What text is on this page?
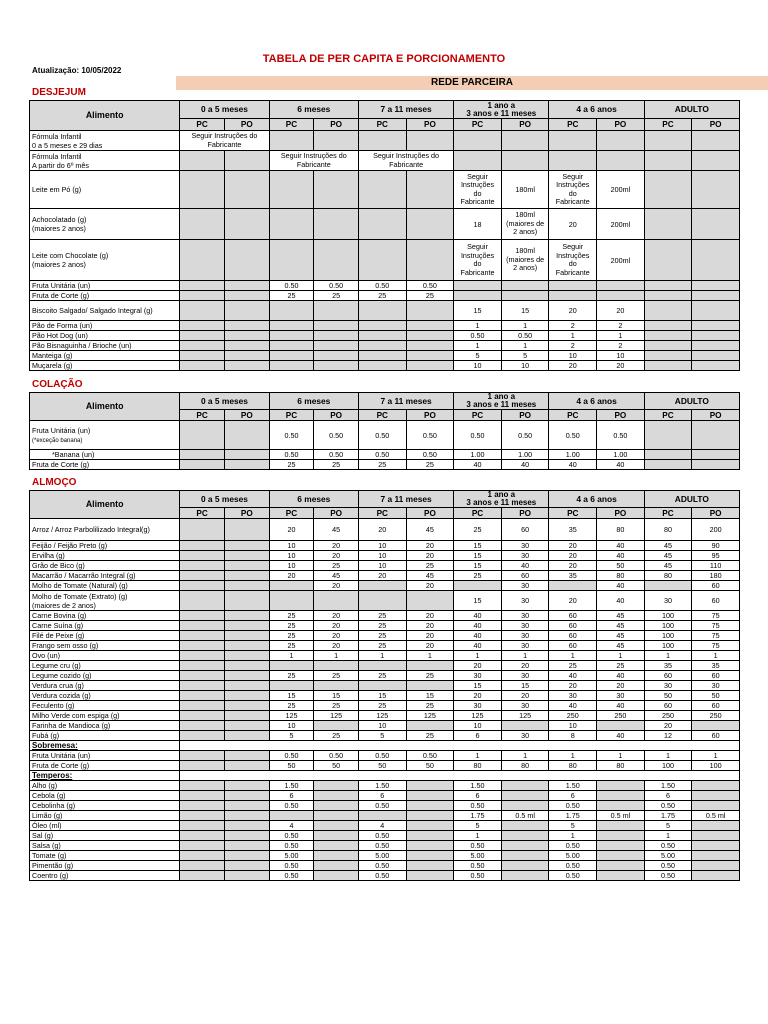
TABELA DE PER CAPITA E PORCIONAMENTO
Atualização: 10/05/2022
REDE PARCEIRA
DESJEJUM
Alimento	0 a 5 meses		6 meses		7 a 11 meses		1 ano a
3 anos e 11 meses		4 a 6 anos		ADULTO	
	PC	PO	PC	PO	PC	PO	PC	PO	PC	PO	PC	PO
Fórmula Infantil
0 a 5 meses e 29 dias	Seguir Instruções do Fabricante											
Fórmula Infantil
A partir do 6º mês			Seguir Instruções do Fabricante		Seguir Instruções do Fabricante							
Leite em Pó (g)							Seguir Instruções do Fabricante	180ml	Seguir Instruções do Fabricante	200ml		
Achocolatado (g)
(maiores 2 anos)							18	180ml (maiores de 2 anos)	20	200ml		
Leite com Chocolate (g)
(maiores 2 anos)							Seguir Instruções do Fabricante	180ml (maiores de 2 anos)	Seguir Instruções do Fabricante	200ml		
Fruta Unitária (un)			0.50	0.50	0.50	0.50						
Fruta de Corte (g)			25	25	25	25						
Biscoito Salgado/ Salgado Integral (g)							15	15	20	20		
Pão de Forma (un)							1	1	2	2		
Pão Hot Dog (un)							0.50	0.50	1	1		
Pão Bisnaguinha / Brioche (un)							1	1	2	2		
Manteiga (g)							5	5	10	10		
Muçarela (g)							10	10	20	20		
COLAÇÃO
Alimento	0 a 5 meses		6 meses		7 a 11 meses		1 ano a
3 anos e 11 meses		4 a 6 anos		ADULTO	
	PC	PO	PC	PO	PC	PO	PC	PO	PC	PO	PC	PO
Fruta Unitária (un)
(*exceção banana)			0.50	0.50	0.50	0.50	0.50	0.50	0.50	0.50		
*Banana (un)			0.50	0.50	0.50	0.50	1.00	1.00	1.00	1.00		
Fruta de Corte (g)			25	25	25	25	40	40	40	40		
ALMOÇO
Alimento	0 a 5 meses		6 meses		7 a 11 meses		1 ano a
3 anos e 11 meses		4 a 6 anos		ADULTO	
	PC	PO	PC	PO	PC	PO	PC	PO	PC	PO	PC	PO
Arroz / Arroz Parbolilizado Integral(g)			20	45	20	45	25	60	35	80	80	200
Feijão / Feijão Preto (g)			10	20	10	20	15	30	20	40	45	90
Ervilha (g)			10	20	10	20	15	30	20	40	45	95
Grão de Bico (g)			10	25	10	25	15	40	20	50	45	110
Macarrão / Macarrão Integral (g)			20	45	20	45	25	60	35	80	80	180
Molho de Tomate (Natural) (g)				20		20		30		40		60
Molho de Tomate (Extrato) (g)
(maiores de 2 anos)							15	30	20	40	30	60
Carne Bovina (g)			25	20	25	20	40	30	60	45	100	75
Carne Suína (g)			25	20	25	20	40	30	60	45	100	75
Filé de Peixe (g)			25	20	25	20	40	30	60	45	100	75
Frango sem osso (g)			25	20	25	20	40	30	60	45	100	75
Ovo (un)			1	1	1	1	1	1	1	1	1	1
Legume cru (g)							20	20	25	25	35	35
Legume cozido (g)			25	25	25	25	30	30	40	40	60	60
Verdura crua (g)							15	15	20	20	30	30
Verdura cozida (g)			15	15	15	15	20	20	30	30	50	50
Feculento (g)			25	25	25	25	30	30	40	40	60	60
Milho Verde com espiga (g)			125	125	125	125	125	125	250	250	250	250
Farinha de Mandioca (g)			10		10		10		10		20	
Fubá (g)			5	25	5	25	6	30	8	40	12	60
Sobremesa:												
Fruta Unitária (un)			0.50	0.50	0.50	0.50	1	1	1	1	1	1
Fruta de Corte (g)			50	50	50	50	80	80	80	80	100	100
Temperos:												
Alho (g)			1.50		1.50		1.50		1.50		1.50	
Cebola (g)			6		6		6		6		6	
Cebolinha (g)			0.50		0.50		0.50		0.50		0.50	
Limão (g)							1.75	0.5 ml	1.75	0.5 ml	1.75	0.5 ml
Óleo (ml)			4		4		5		5		5	
Sal (g)			0.50		0.50		1		1		1	
Salsa (g)			0.50		0.50		0.50		0.50		0.50	
Tomate (g)			5.00		5.00		5.00		5.00		5.00	
Pimentão (g)			0.50		0.50		0.50		0.50		0.50	
Coentro (g)			0.50		0.50		0.50		0.50		0.50	
